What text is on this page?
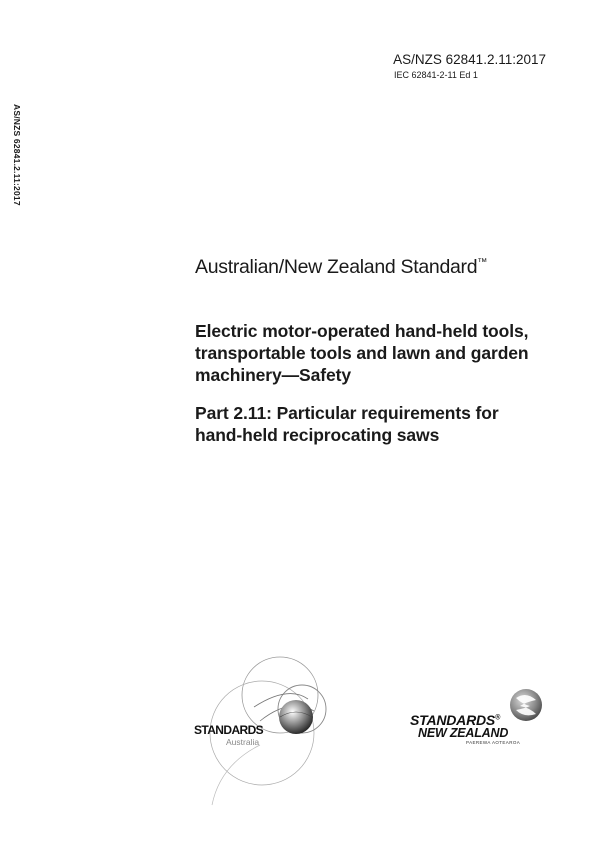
AS/NZS 62841.2.11:2017
AS/NZS 62841.2.11:2017
IEC 62841-2-11 Ed 1
Australian/New Zealand Standard™
Electric motor-operated hand-held tools,
transportable tools and lawn and garden
machinery—Safety
Part 2.11: Particular requirements for
hand-held reciprocating saws
STANDARDS
Australia
STANDARDS®
NEW ZEALAND
PAEREWA AOTEAROA
